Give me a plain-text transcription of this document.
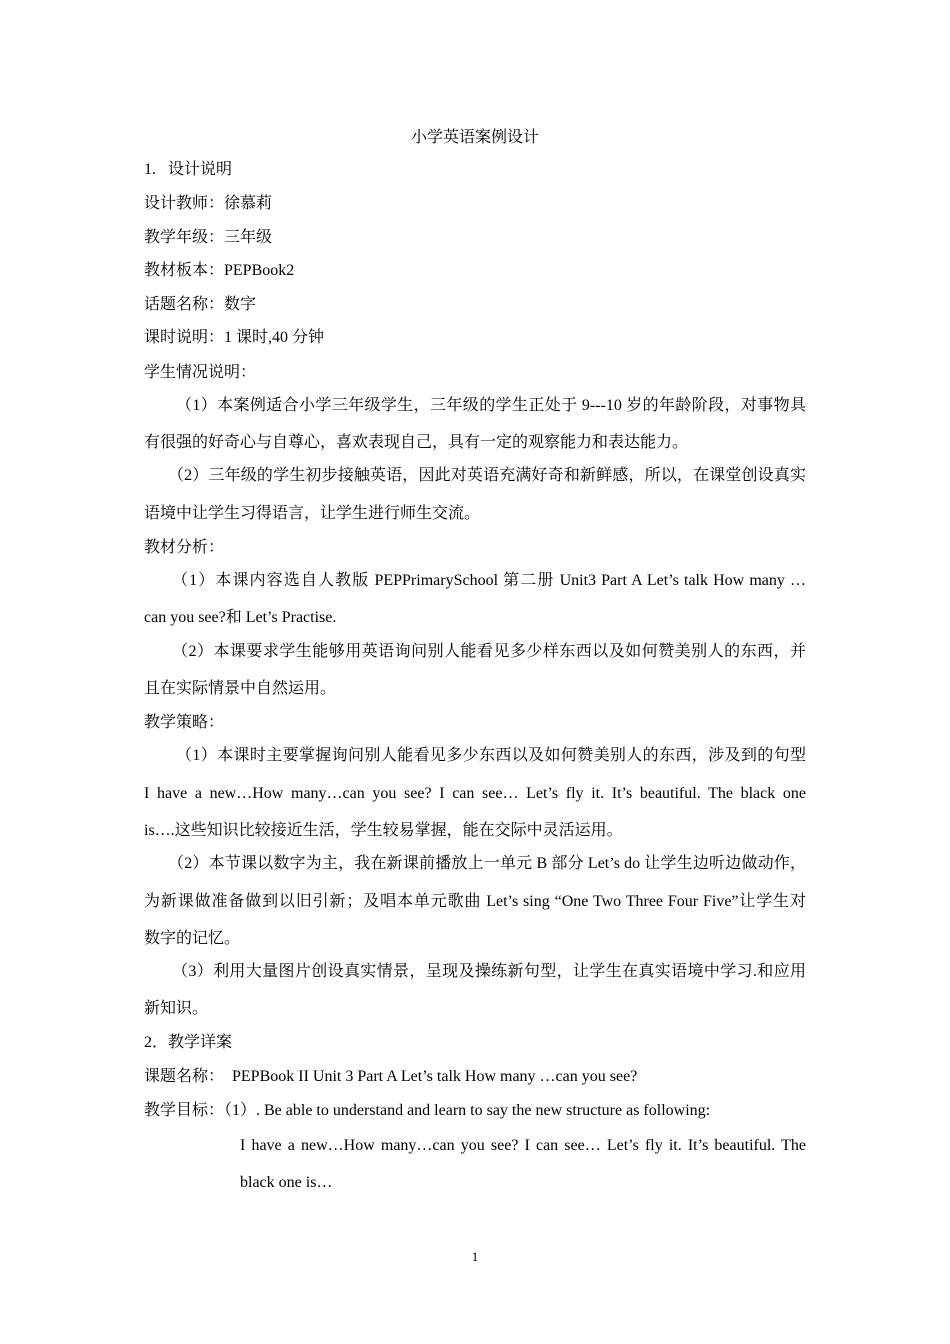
小学英语案例设计
1.   设计说明
设计教师：徐慕莉
教学年级：三年级
教材板本：PEPBook2
话题名称：数字
课时说明：1 课时,40 分钟
学生情况说明：
（1）本案例适合小学三年级学生，三年级的学生正处于 9---10 岁的年龄阶段，对事物具
有很强的好奇心与自尊心，喜欢表现自己，具有一定的观察能力和表达能力。
（2）三年级的学生初步接触英语，因此对英语充满好奇和新鲜感，所以，在课堂创设真实
语境中让学生习得语言，让学生进行师生交流。
教材分析：
（1）本课内容选自人教版 PEPPrimarySchool 第二册 Unit3 Part A Let’s talk How many …
can you see?和 Let’s Practise.
（2）本课要求学生能够用英语询问别人能看见多少样东西以及如何赞美别人的东西，并
且在实际情景中自然运用。
教学策略：
（1）本课时主要掌握询问别人能看见多少东西以及如何赞美别人的东西，涉及到的句型
I have a new…How many…can you see? I can see… Let’s fly it. It’s beautiful. The black one
is….这些知识比较接近生活，学生较易掌握，能在交际中灵活运用。
（2）本节课以数字为主，我在新课前播放上一单元 B 部分 Let’s do 让学生边听边做动作，
为新课做准备做到以旧引新；及唱本单元歌曲 Let’s sing “One Two Three Four Five”让学生对
数字的记忆。
（3）利用大量图片创设真实情景，呈现及操练新句型，让学生在真实语境中学习.和应用
新知识。
2．教学详案
课题名称：  PEPBook II Unit 3 Part A Let’s talk How many …can you see?
教学目标：（1）. Be able to understand and learn to say the new structure as following:
I have a new…How many…can you see? I can see… Let’s fly it. It’s beautiful. The
black one is…
1
